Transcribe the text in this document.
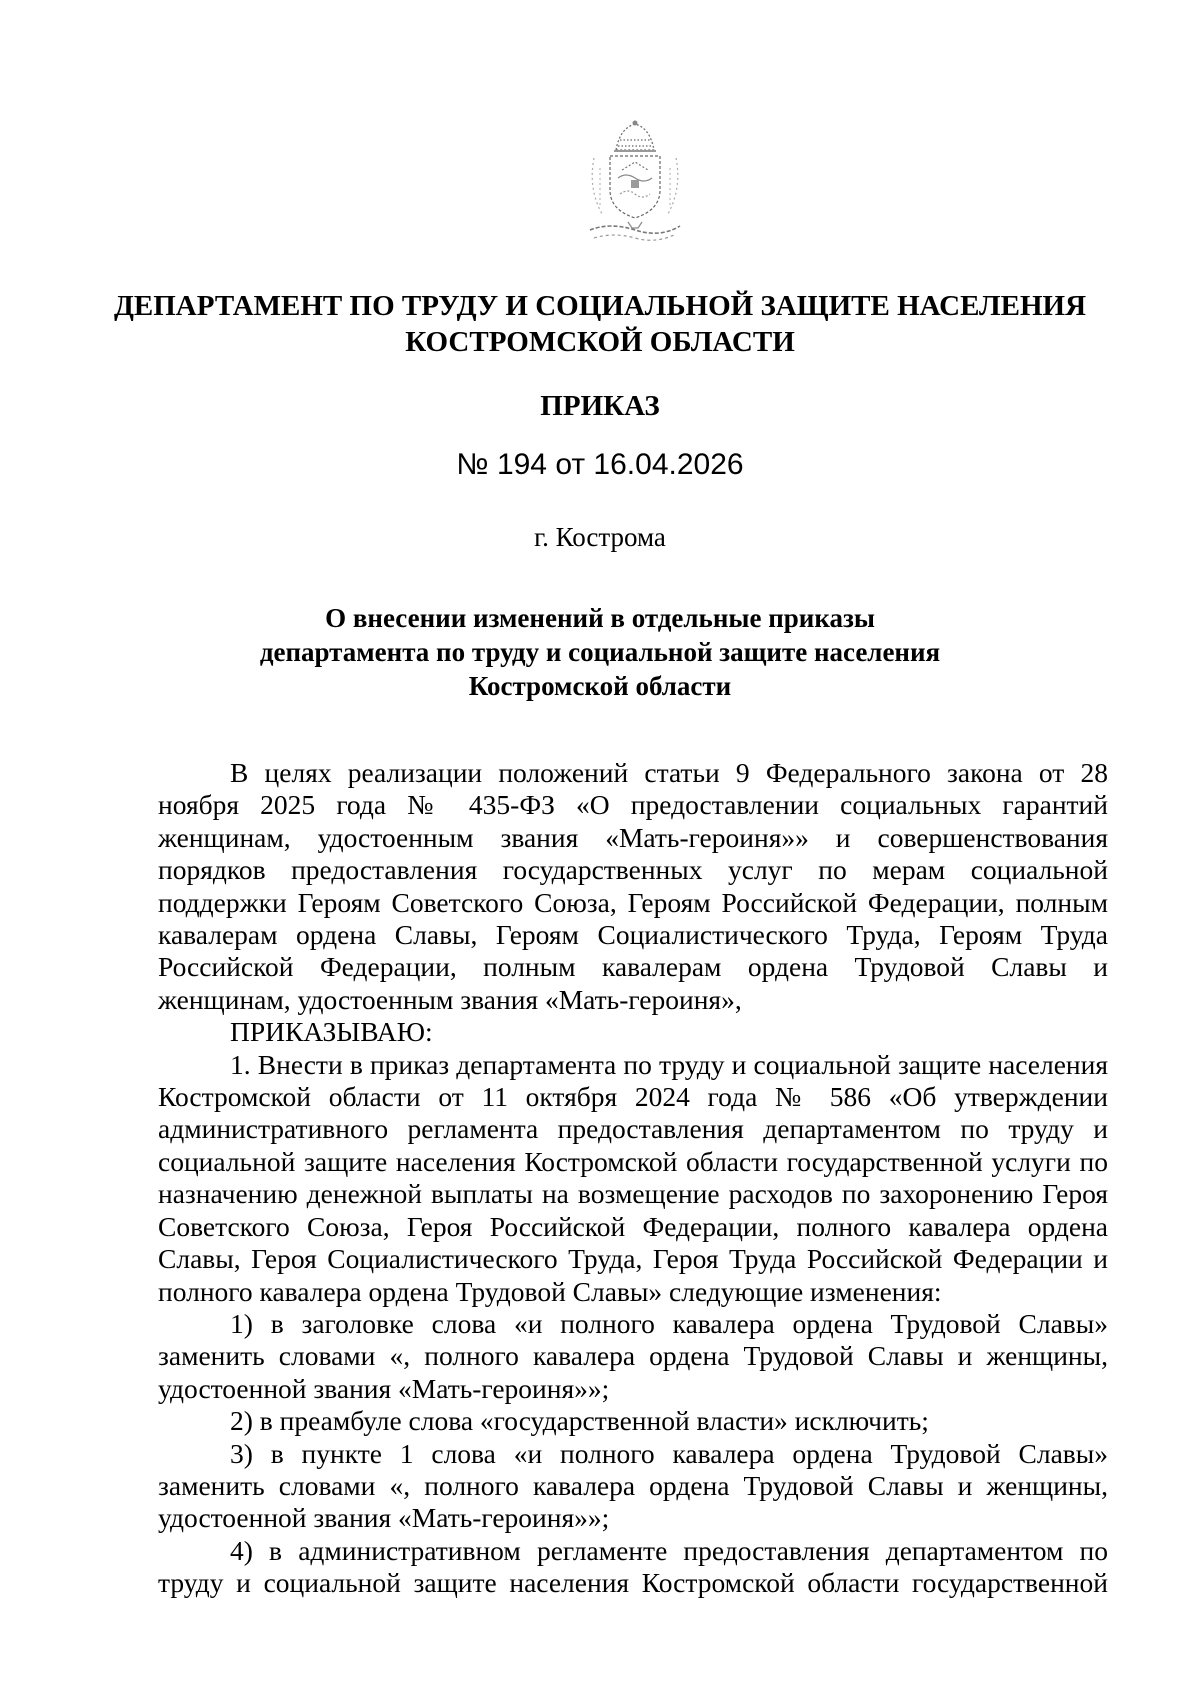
ДЕПАРТАМЕНТ ПО ТРУДУ И СОЦИАЛЬНОЙ ЗАЩИТЕ НАСЕЛЕНИЯ
КОСТРОМСКОЙ ОБЛАСТИ
ПРИКАЗ
№ 194 от 16.04.2026
г. Кострома
О внесении изменений в отдельные приказы
департамента по труду и социальной защите населения
Костромской области

В целях реализации положений статьи 9 Федерального закона от 28 ноября 2025 года № 435-ФЗ «О предоставлении социальных гарантий женщинам, удостоенным звания «Мать-героиня»» и совершенствования порядков предоставления государственных услуг по мерам социальной поддержки Героям Советского Союза, Героям Российской Федерации, полным кавалерам ордена Славы, Героям Социалистического Труда, Героям Труда Российской Федерации, полным кавалерам ордена Трудовой Славы и женщинам, удостоенным звания «Мать-героиня»,

ПРИКАЗЫВАЮ:

1. Внести в приказ департамента по труду и социальной защите населения Костромской области от 11 октября 2024 года № 586 «Об утверждении административного регламента предоставления департаментом по труду и социальной защите населения Костромской области государственной услуги по назначению денежной выплаты на возмещение расходов по захоронению Героя Советского Союза, Героя Российской Федерации, полного кавалера ордена Славы, Героя Социалистического Труда, Героя Труда Российской Федерации и полного кавалера ордена Трудовой Славы» следующие изменения:

1) в заголовке слова «и полного кавалера ордена Трудовой Славы» заменить словами «, полного кавалера ордена Трудовой Славы и женщины, удостоенной звания «Мать-героиня»»;

2) в преамбуле слова «государственной власти» исключить;

3) в пункте 1 слова «и полного кавалера ордена Трудовой Славы» заменить словами «, полного кавалера ордена Трудовой Славы и женщины, удостоенной звания «Мать-героиня»»;

4) в административном регламенте предоставления департаментом по труду и социальной защите населения Костромской области государственной
